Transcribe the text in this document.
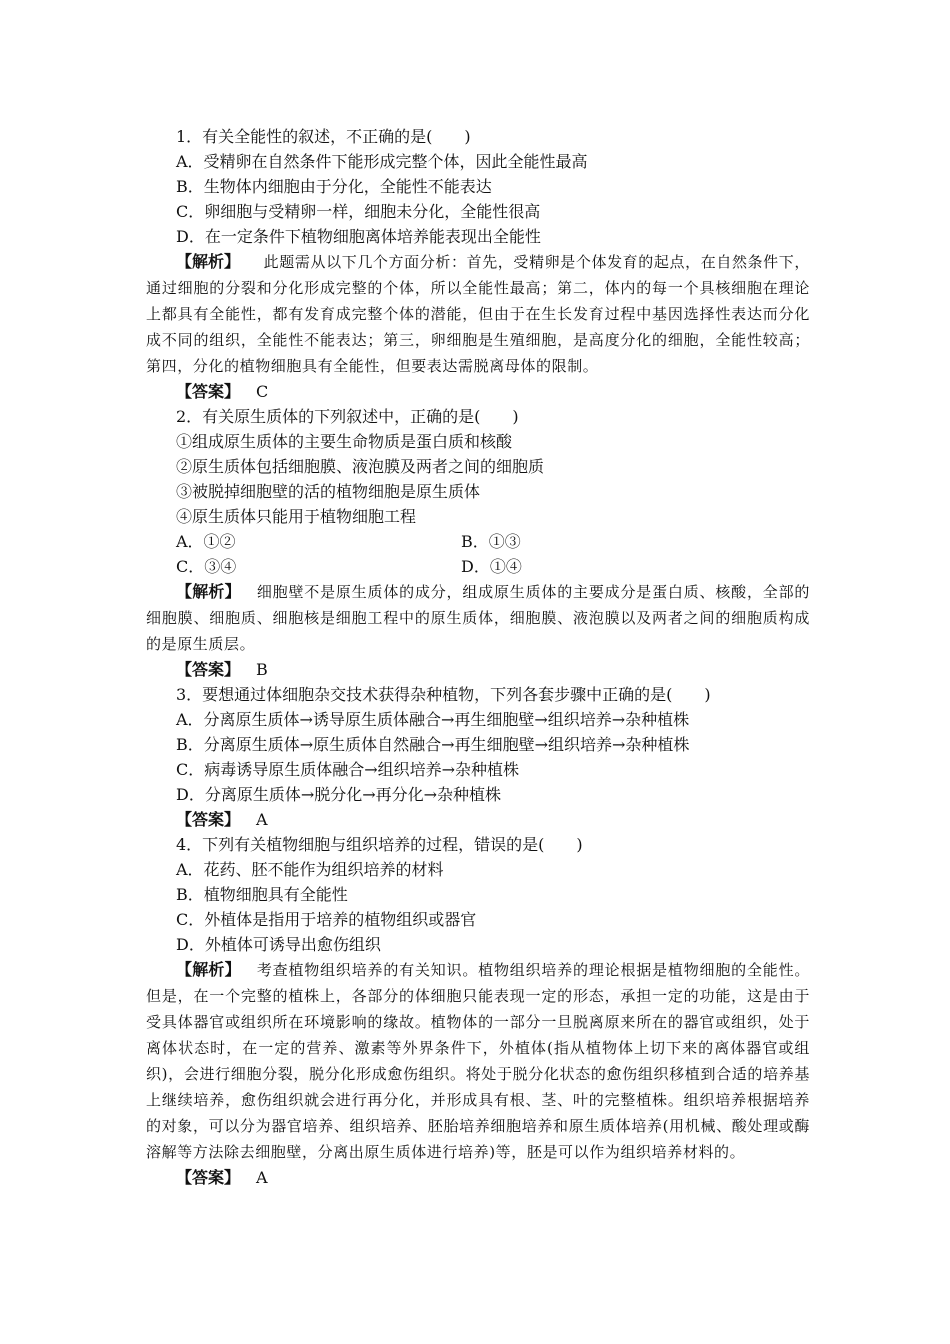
1．有关全能性的叙述，不正确的是(　　)
A．受精卵在自然条件下能形成完整个体，因此全能性最高
B．生物体内细胞由于分化，全能性不能表达
C．卵细胞与受精卵一样，细胞未分化，全能性很高
D．在一定条件下植物细胞离体培养能表现出全能性
【解析】　此题需从以下几个方面分析：首先，受精卵是个体发育的起点，在自然条件下，通过细胞的分裂和分化形成完整的个体，所以全能性最高；第二，体内的每一个具核细胞在理论上都具有全能性，都有发育成完整个体的潜能，但由于在生长发育过程中基因选择性表达而分化成不同的组织，全能性不能表达；第三，卵细胞是生殖细胞，是高度分化的细胞，全能性较高；第四，分化的植物细胞具有全能性，但要表达需脱离母体的限制。
【答案】 C
2．有关原生质体的下列叙述中，正确的是(　　)
①组成原生质体的主要生命物质是蛋白质和核酸
②原生质体包括细胞膜、液泡膜及两者之间的细胞质
③被脱掉细胞壁的活的植物细胞是原生质体
④原生质体只能用于植物细胞工程
A．①②	B．①③
C．③④	D．①④
【解析】 细胞壁不是原生质体的成分，组成原生质体的主要成分是蛋白质、核酸，全部的细胞膜、细胞质、细胞核是细胞工程中的原生质体，细胞膜、液泡膜以及两者之间的细胞质构成的是原生质层。
【答案】 B
3．要想通过体细胞杂交技术获得杂种植物，下列各套步骤中正确的是(　　)
A．分离原生质体→诱导原生质体融合→再生细胞壁→组织培养→杂种植株
B．分离原生质体→原生质体自然融合→再生细胞壁→组织培养→杂种植株
C．病毒诱导原生质体融合→组织培养→杂种植株
D．分离原生质体→脱分化→再分化→杂种植株
【答案】 A
4．下列有关植物细胞与组织培养的过程，错误的是(　　)
A．花药、胚不能作为组织培养的材料
B．植物细胞具有全能性
C．外植体是指用于培养的植物组织或器官
D．外植体可诱导出愈伤组织
【解析】 考查植物组织培养的有关知识。植物组织培养的理论根据是植物细胞的全能性。但是，在一个完整的植株上，各部分的体细胞只能表现一定的形态，承担一定的功能，这是由于受具体器官或组织所在环境影响的缘故。植物体的一部分一旦脱离原来所在的器官或组织，处于离体状态时，在一定的营养、激素等外界条件下，外植体(指从植物体上切下来的离体器官或组织)，会进行细胞分裂，脱分化形成愈伤组织。将处于脱分化状态的愈伤组织移植到合适的培养基上继续培养，愈伤组织就会进行再分化，并形成具有根、茎、叶的完整植株。组织培养根据培养的对象，可以分为器官培养、组织培养、胚胎培养细胞培养和原生质体培养(用机械、酸处理或酶溶解等方法除去细胞壁，分离出原生质体进行培养)等，胚是可以作为组织培养材料的。
【答案】 A
